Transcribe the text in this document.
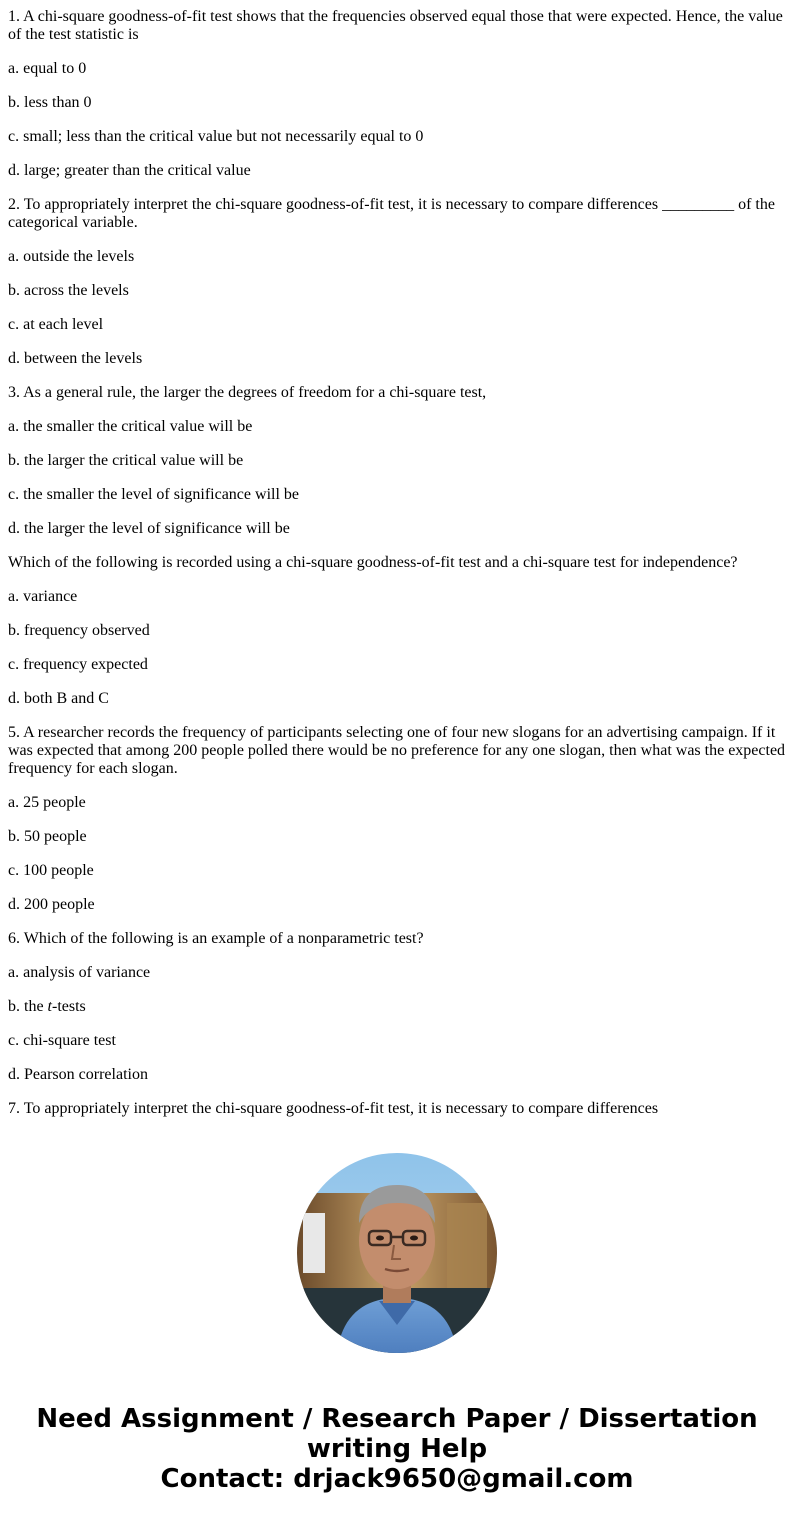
1. A chi-square goodness-of-fit test shows that the frequencies observed equal those that were expected. Hence, the value of the test statistic is

a. equal to 0

b. less than 0

c. small; less than the critical value but not necessarily equal to 0

d. large; greater than the critical value

2. To appropriately interpret the chi-square goodness-of-fit test, it is necessary to compare differences _________ of the categorical variable.

a. outside the levels

b. across the levels

c. at each level

d. between the levels

3. As a general rule, the larger the degrees of freedom for a chi-square test,

a. the smaller the critical value will be

b. the larger the critical value will be

c. the smaller the level of significance will be

d. the larger the level of significance will be

Which of the following is recorded using a chi-square goodness-of-fit test and a chi-square test for independence?

a. variance

b. frequency observed

c. frequency expected

d. both B and C

5. A researcher records the frequency of participants selecting one of four new slogans for an advertising campaign. If it was expected that among 200 people polled there would be no preference for any one slogan, then what was the expected frequency for each slogan.

a. 25 people

b. 50 people

c. 100 people

d. 200 people

6. Which of the following is an example of a nonparametric test?

a. analysis of variance

b. the t-tests

c. chi-square test

d. Pearson correlation

7. To appropriately interpret the chi-square goodness-of-fit test, it is necessary to compare differences

Need Assignment / Research Paper / Dissertation
writing Help
Contact: drjack9650@gmail.com
